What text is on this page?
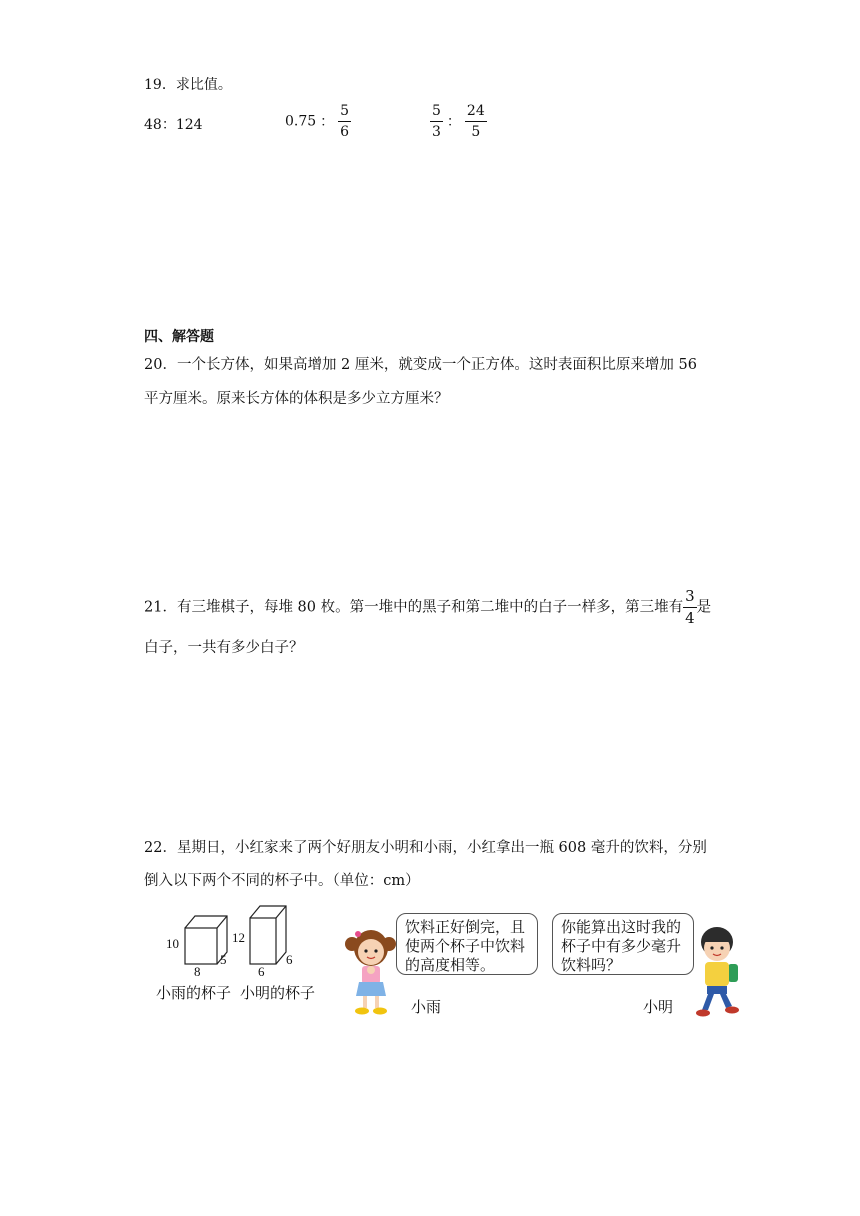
19．求比值。
48：124	0.75 ： $\frac{5}{6}$	$\frac{5}{3}$ ： $\frac{24}{5}$
四、解答题
20．一个长方体，如果高增加 2 厘米，就变成一个正方体。这时表面积比原来增加 56
平方厘米。原来长方体的体积是多少立方厘米？
21．有三堆棋子，每堆 80 枚。第一堆中的黑子和第二堆中的白子一样多，第三堆有 $\frac{3}{4}$ 是
白子，一共有多少白子？
22．星期日，小红家来了两个好朋友小明和小雨，小红拿出一瓶 608 毫升的饮料，分别
倒入以下两个不同的杯子中。（单位：cm）
10
8
5
12
6
6
小雨的杯子 小明的杯子
小雨
饮料正好倒完，且
使两个杯子中饮料
的高度相等。
你能算出这时我的
杯子中有多少毫升
饮料吗？
小明
